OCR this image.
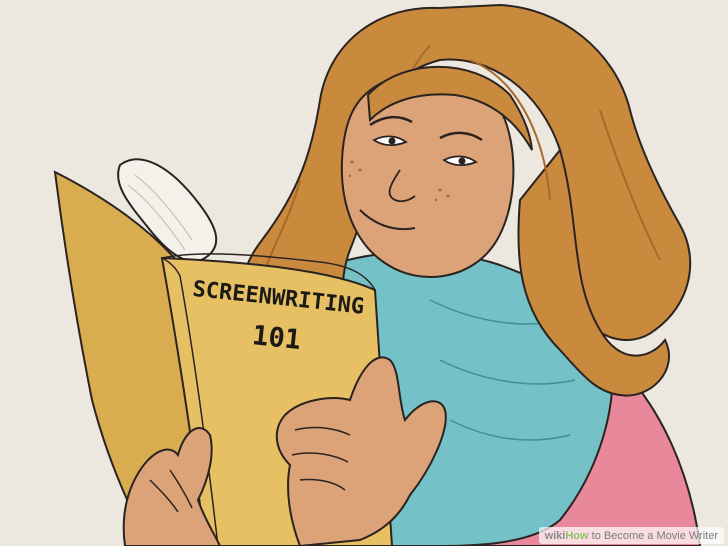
SCREENWRITING
101
wikiHow to Become a Movie Writer
